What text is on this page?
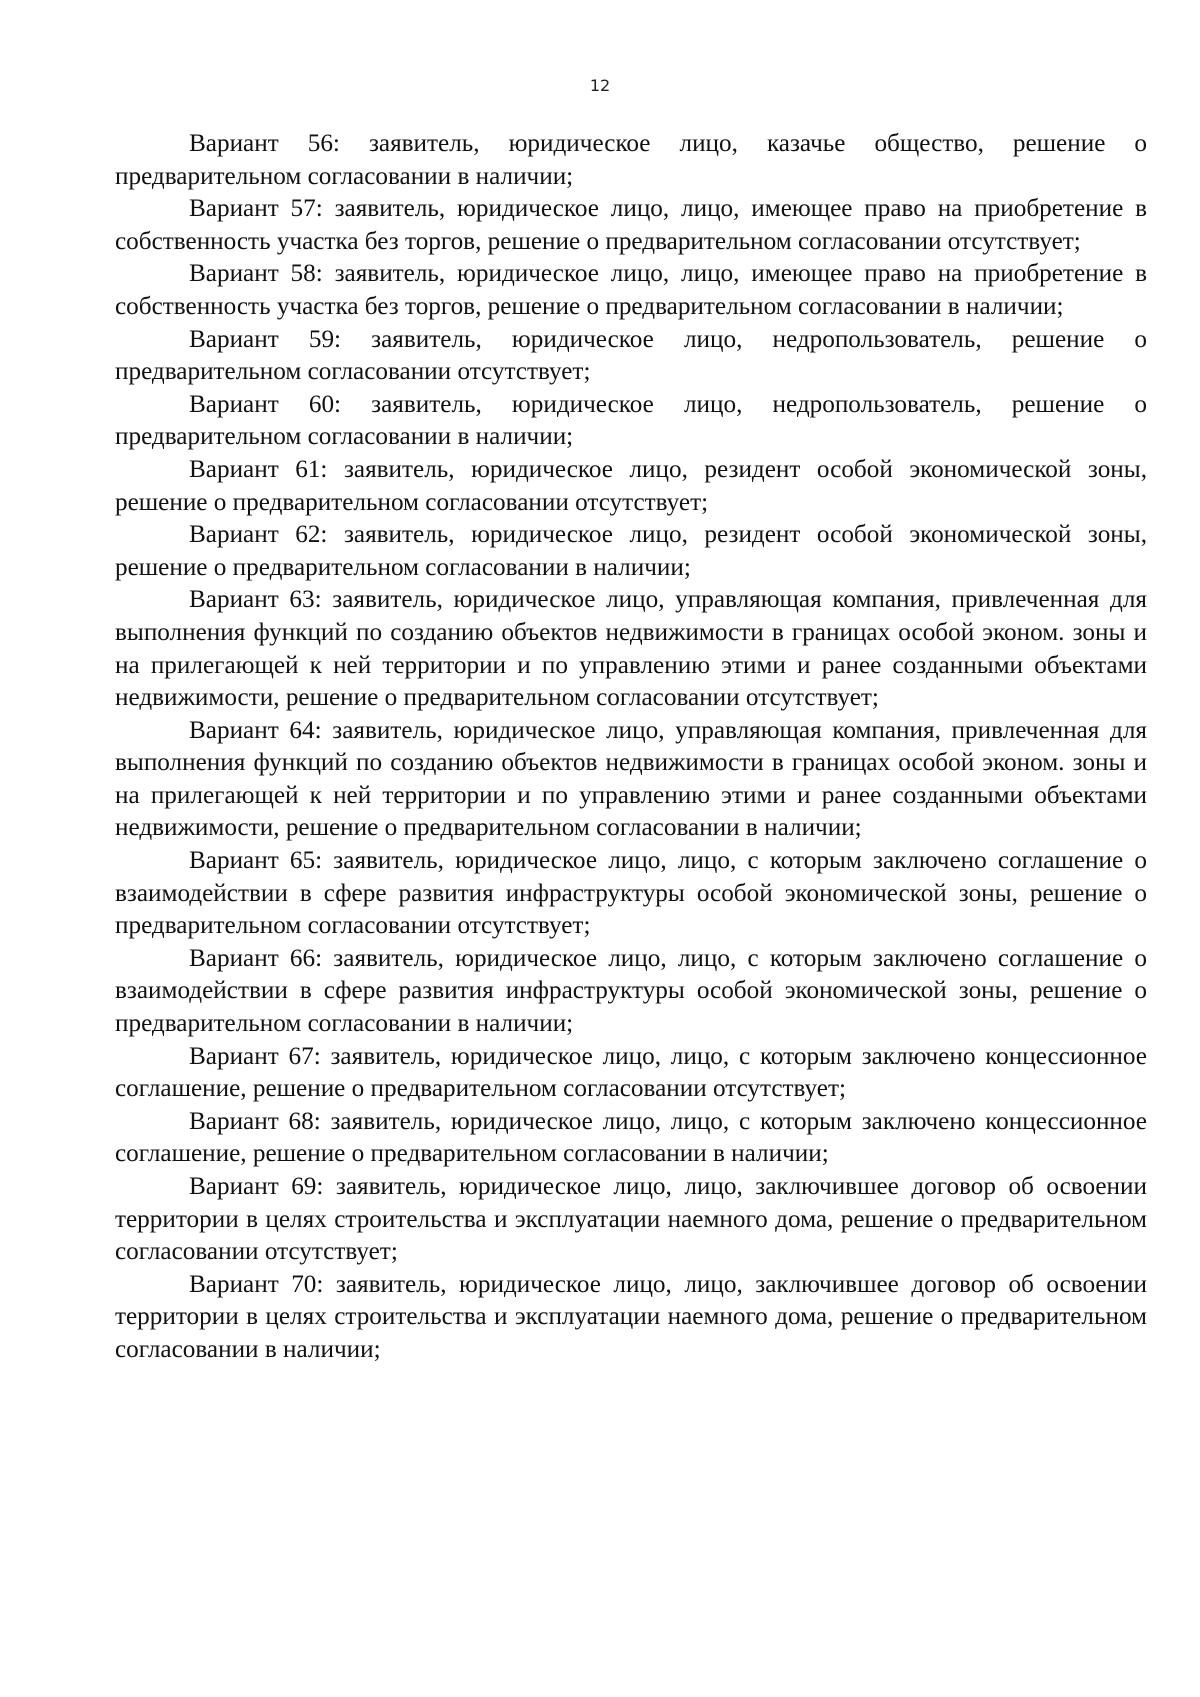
12

Вариант 56: заявитель, юридическое лицо, казачье общество, решение о предварительном согласовании в наличии;

Вариант 57: заявитель, юридическое лицо, лицо, имеющее право на приобретение в собственность участка без торгов, решение о предварительном согласовании отсутствует;

Вариант 58: заявитель, юридическое лицо, лицо, имеющее право на приобретение в собственность участка без торгов, решение о предварительном согласовании в наличии;

Вариант 59: заявитель, юридическое лицо, недропользователь, решение о предварительном согласовании отсутствует;

Вариант 60: заявитель, юридическое лицо, недропользователь, решение о предварительном согласовании в наличии;

Вариант 61: заявитель, юридическое лицо, резидент особой экономической зоны, решение о предварительном согласовании отсутствует;

Вариант 62: заявитель, юридическое лицо, резидент особой экономической зоны, решение о предварительном согласовании в наличии;

Вариант 63: заявитель, юридическое лицо, управляющая компания, привлеченная для выполнения функций по созданию объектов недвижимости в границах особой эконом. зоны и на прилегающей к ней территории и по управлению этими и ранее созданными объектами недвижимости, решение о предварительном согласовании отсутствует;

Вариант 64: заявитель, юридическое лицо, управляющая компания, привлеченная для выполнения функций по созданию объектов недвижимости в границах особой эконом. зоны и на прилегающей к ней территории и по управлению этими и ранее созданными объектами недвижимости, решение о предварительном согласовании в наличии;

Вариант 65: заявитель, юридическое лицо, лицо, с которым заключено соглашение о взаимодействии в сфере развития инфраструктуры особой экономической зоны, решение о предварительном согласовании отсутствует;

Вариант 66: заявитель, юридическое лицо, лицо, с которым заключено соглашение о взаимодействии в сфере развития инфраструктуры особой экономической зоны, решение о предварительном согласовании в наличии;

Вариант 67: заявитель, юридическое лицо, лицо, с которым заключено концессионное соглашение, решение о предварительном согласовании отсутствует;

Вариант 68: заявитель, юридическое лицо, лицо, с которым заключено концессионное соглашение, решение о предварительном согласовании в наличии;

Вариант 69: заявитель, юридическое лицо, лицо, заключившее договор об освоении территории в целях строительства и эксплуатации наемного дома, решение о предварительном согласовании отсутствует;

Вариант 70: заявитель, юридическое лицо, лицо, заключившее договор об освоении территории в целях строительства и эксплуатации наемного дома, решение о предварительном согласовании в наличии;
